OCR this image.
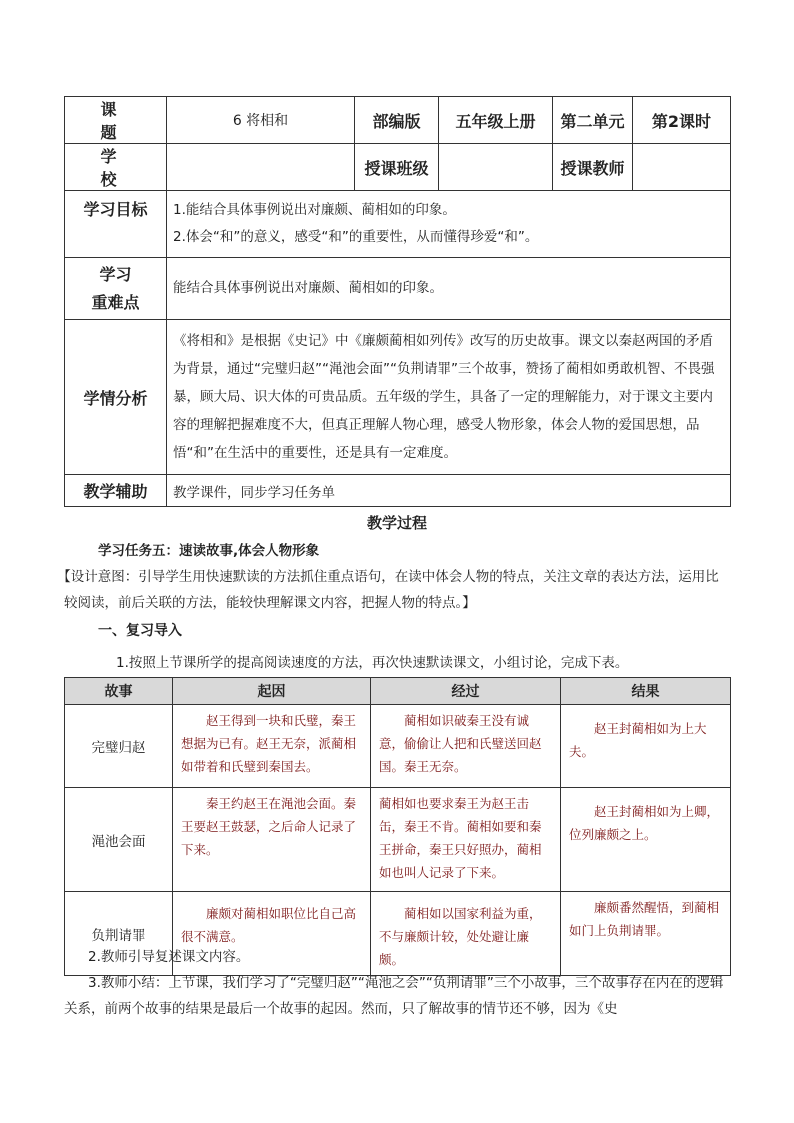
课　题	6 将相和	部编版	五年级上册	第二单元	第2课时
学　校		授课班级		授课教师	
学习目标	1.能结合具体事例说出对廉颇、蔺相如的印象。

2.体会“和”的意义，感受“和”的重要性，从而懂得珍爱“和”。				

学习
重难点	能结合具体事例说出对廉颇、蔺相如的印象。				
学情分析	《将相和》是根据《史记》中《廉颇蔺相如列传》改写的历史故事。课文以秦赵两国的矛盾为背景，通过“完璧归赵”“渑池会面”“负荆请罪”三个故事，赞扬了蔺相如勇敢机智、不畏强暴，顾大局、识大体的可贵品质。五年级的学生，具备了一定的理解能力，对于课文主要内容的理解把握难度不大，但真正理解人物心理，感受人物形象，体会人物的爱国思想，品悟“和”在生活中的重要性，还是具有一定难度。				
教学辅助	教学课件，同步学习任务单				
教学过程
学习任务五：速读故事,体会人物形象
【设计意图：引导学生用快速默读的方法抓住重点语句，在读中体会人物的特点，关注文章的表达方法，运用比较阅读，前后关联的方法，能较快理解课文内容，把握人物的特点。】
一、复习导入
1.按照上节课所学的提高阅读速度的方法，再次快速默读课文，小组讨论，完成下表。
故事	起因	经过	结果
完璧归赵	赵王得到一块和氏璧，秦王想据为已有。赵王无奈，派蔺相如带着和氏璧到秦国去。	蔺相如识破秦王没有诚意，偷偷让人把和氏璧送回赵国。秦王无奈。	赵王封蔺相如为上大夫。
渑池会面	秦王约赵王在渑池会面。秦王要赵王鼓瑟，之后命人记录了下来。	蔺相如也要求秦王为赵王击缶，秦王不肯。蔺相如要和秦王拼命，秦王只好照办，蔺相如也叫人记录了下来。	赵王封蔺相如为上卿，位列廉颇之上。
负荆请罪	廉颇对蔺相如职位比自己高很不满意。	蔺相如以国家利益为重，不与廉颇计较，处处避让廉颇。	廉颇番然醒悟，到蔺相如门上负荆请罪。
2.教师引导复述课文内容。
3.教师小结：上节课，我们学习了“完璧归赵”“渑池之会”“负荆请罪”三个小故事，三个故事存在内在的逻辑关系，前两个故事的结果是最后一个故事的起因。然而，只了解故事的情节还不够，因为《史
